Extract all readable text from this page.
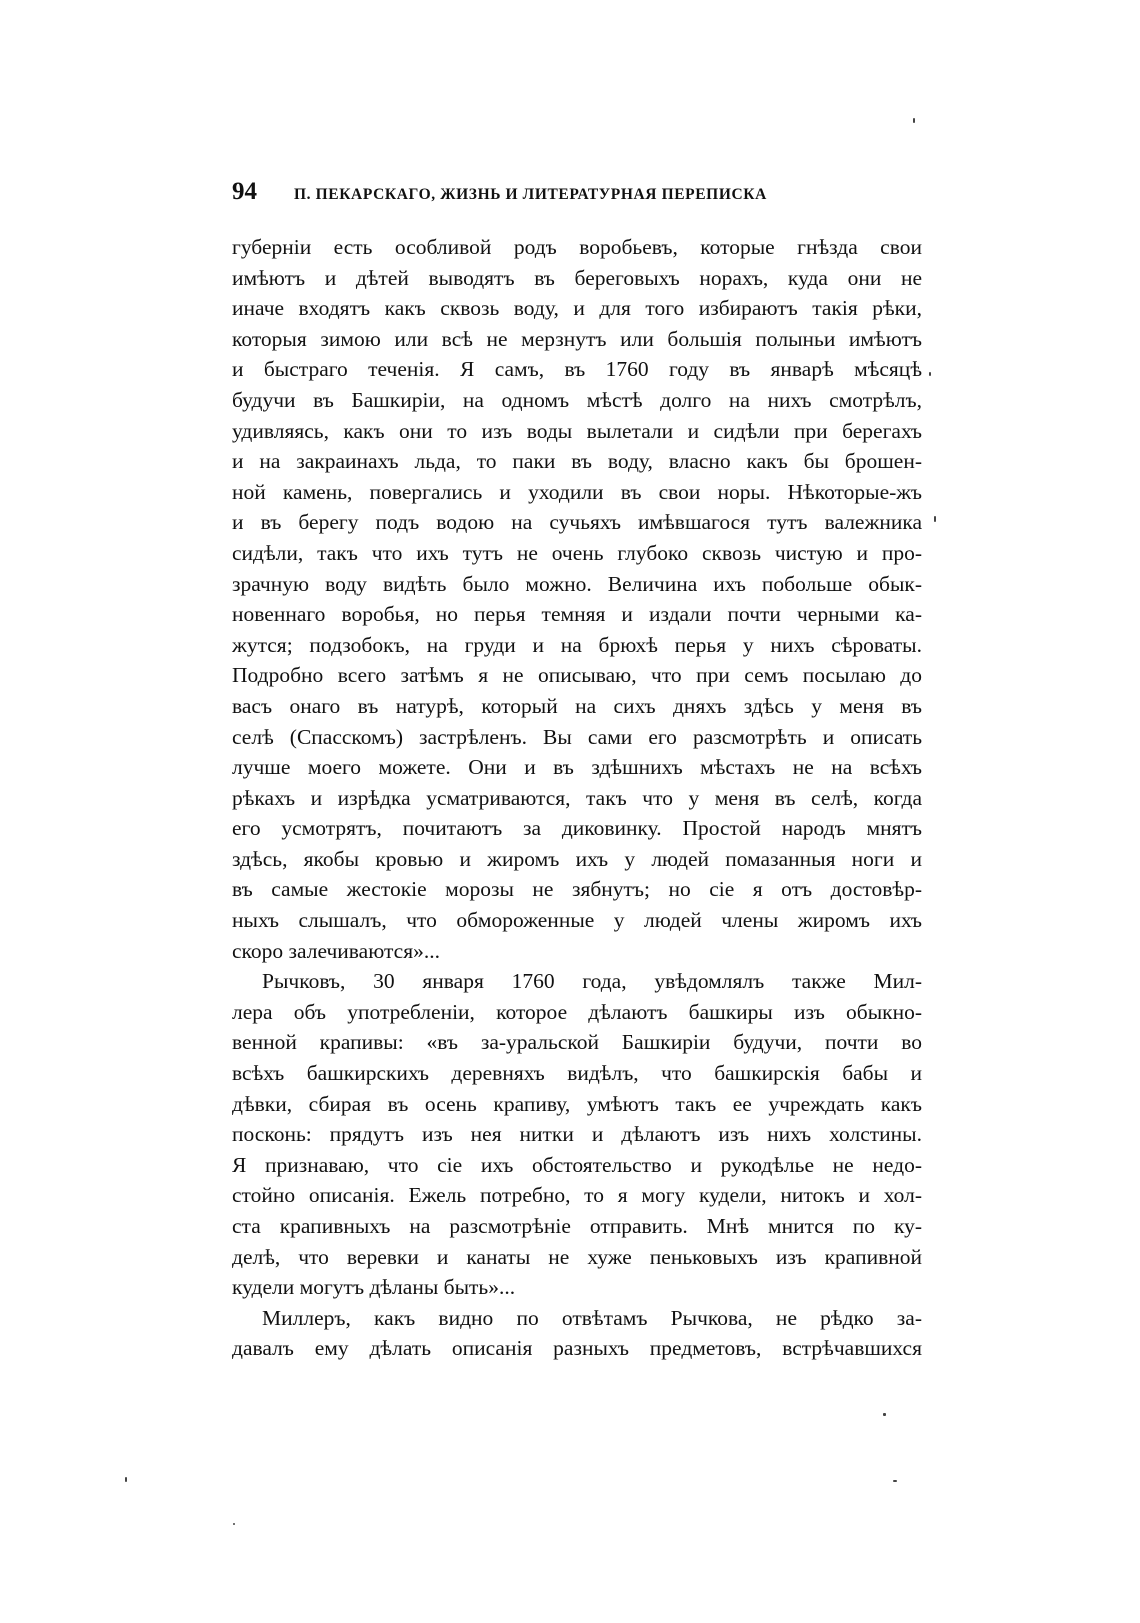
94	П. ПЕКАРСКАГО, ЖИЗНЬ И ЛИТЕРАТУРНАЯ ПЕРЕПИСКА
губерніи есть особливой родъ воробьевъ, которые гнѣзда свои
имѣютъ и дѣтей выводятъ въ береговыхъ норахъ, куда они не
иначе входятъ какъ сквозь воду, и для того избираютъ такія рѣки,
которыя зимою или всѣ не мерзнутъ или большія полыньи имѣютъ
и быстраго теченія. Я самъ, въ 1760 году въ январѣ мѣсяцѣ
будучи въ Башкиріи, на одномъ мѣстѣ долго на нихъ смотрѣлъ,
удивляясь, какъ они то изъ воды вылетали и сидѣли при берегахъ
и на закраинахъ льда, то паки въ воду, власно какъ бы брошен-
ной камень, повергались и уходили въ свои норы. Нѣкоторые-жъ
и въ берегу подъ водою на сучьяхъ имѣвшагося тутъ валежника
сидѣли, такъ что ихъ тутъ не очень глубоко сквозь чистую и про-
зрачную воду видѣть было можно. Величина ихъ побольше обык-
новеннаго воробья, но перья темняя и издали почти черными ка-
жутся; подзобокъ, на груди и на брюхѣ перья у нихъ сѣроваты.
Подробно всего затѣмъ я не описываю, что при семъ посылаю до
васъ онаго въ натурѣ, который на сихъ дняхъ здѣсь у меня въ
селѣ (Спасскомъ) застрѣленъ. Вы сами его разсмотрѣть и описать
лучше моего можете. Они и въ здѣшнихъ мѣстахъ не на всѣхъ
рѣкахъ и изрѣдка усматриваются, такъ что у меня въ селѣ, когда
его усмотрятъ, почитаютъ за диковинку. Простой народъ мнятъ
здѣсь, якобы кровью и жиромъ ихъ у людей помазанныя ноги и
въ самые жестокіе морозы не зябнутъ; но сіе я отъ достовѣр-
ныхъ слышалъ, что обмороженные у людей члены жиромъ ихъ
скоро залечиваются»...
Рычковъ, 30 января 1760 года, увѣдомлялъ также Мил-
лера объ употребленіи, которое дѣлаютъ башкиры изъ обыкно-
венной крапивы: «въ за-уральской Башкиріи будучи, почти во
всѣхъ башкирскихъ деревняхъ видѣлъ, что башкирскія бабы и
дѣвки, сбирая въ осень крапиву, умѣютъ такъ ее учреждать какъ
посконь: прядутъ изъ нея нитки и дѣлаютъ изъ нихъ холстины.
Я признаваю, что сіе ихъ обстоятельство и рукодѣлье не недо-
стойно описанія. Ежель потребно, то я могу кудели, нитокъ и хол-
ста крапивныхъ на разсмотрѣніе отправить. Мнѣ мнится по ку-
делѣ, что веревки и канаты не хуже пеньковыхъ изъ крапивной
кудели могутъ дѣланы быть»...
Миллеръ, какъ видно по отвѣтамъ Рычкова, не рѣдко за-
давалъ ему дѣлать описанія разныхъ предметовъ, встрѣчавшихся
